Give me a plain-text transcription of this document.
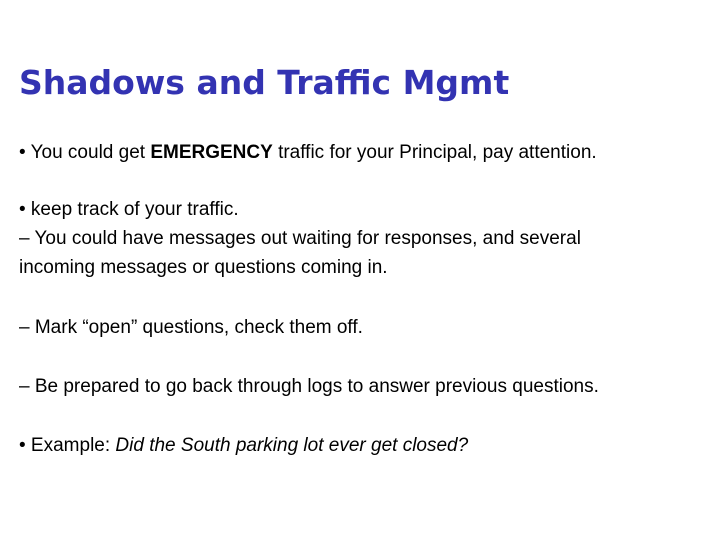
Shadows and Traffic Mgmt

• You could get EMERGENCY traffic for your Principal, pay attention.

• keep track of your traffic.

– You could have messages out waiting for responses, and several

incoming messages or questions coming in.

– Mark “open” questions, check them off.

– Be prepared to go back through logs to answer previous questions.

• Example: Did the South parking lot ever get closed?
